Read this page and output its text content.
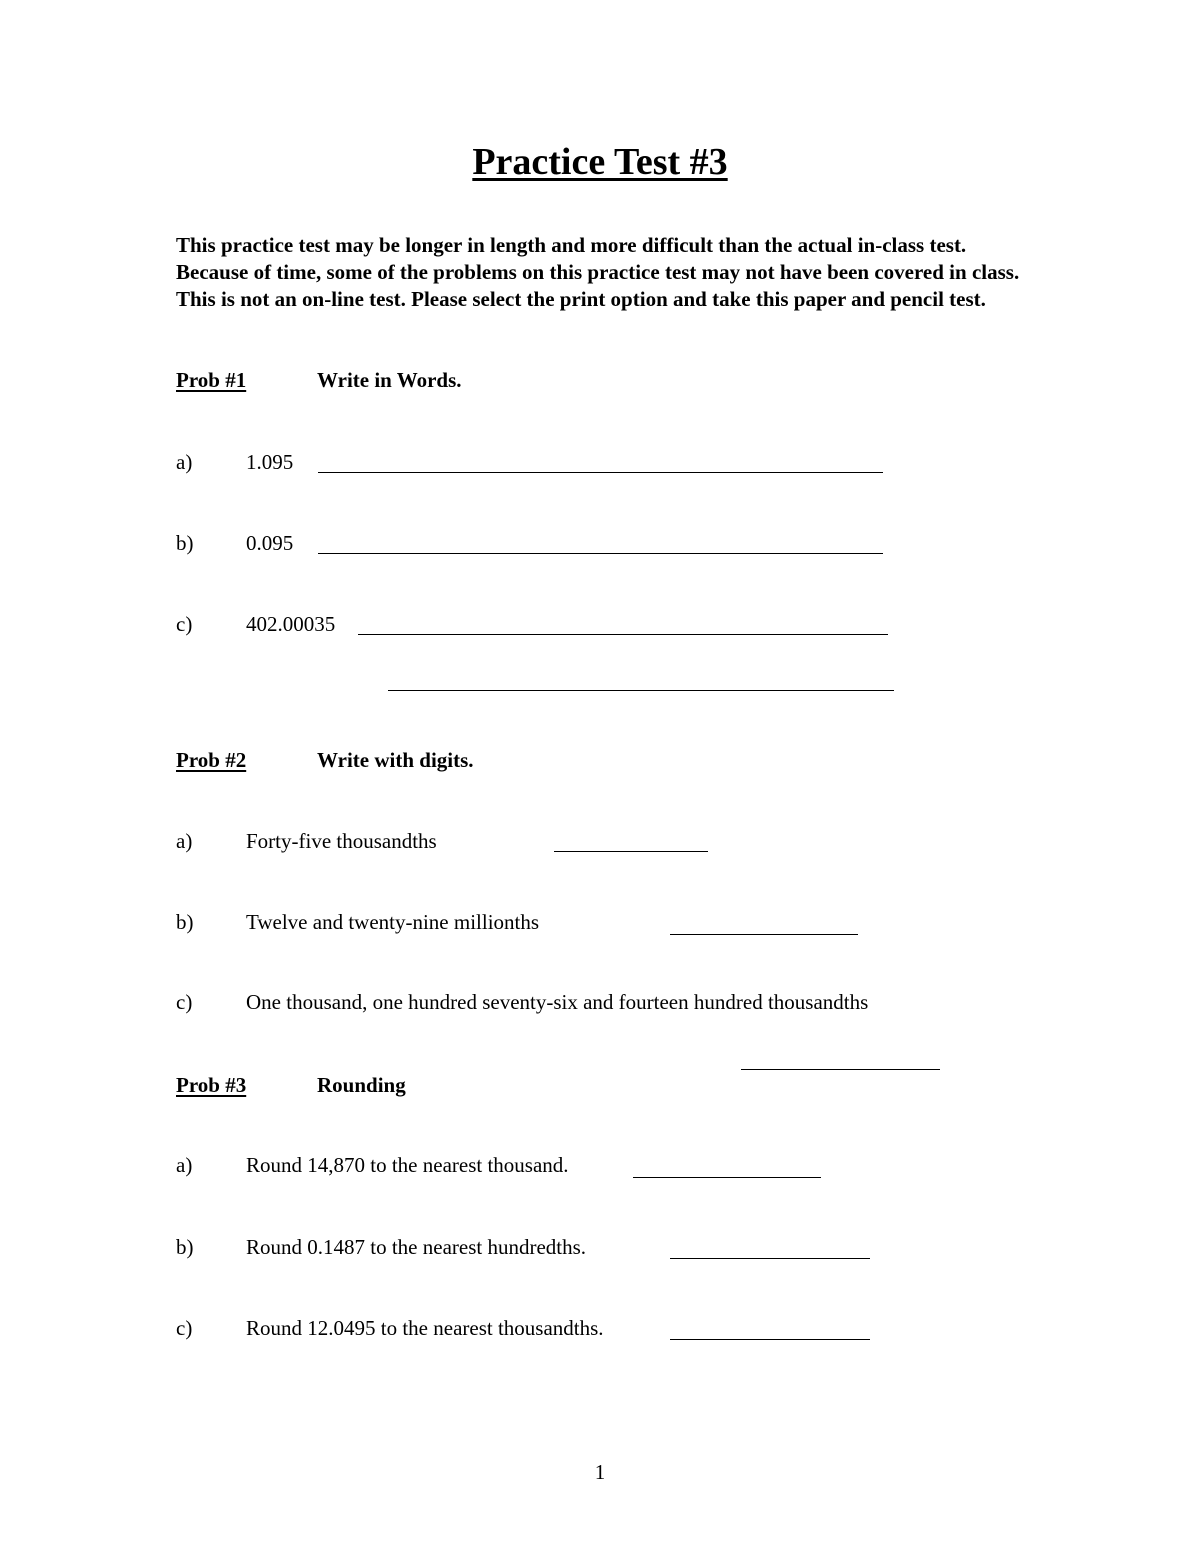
Practice Test #3
This practice test may be longer in length and more difficult than the actual in-class test. Because of time, some of the problems on this practice test may not have been covered in class. This is not an on-line test. Please select the print option and take this paper and pencil test.
Prob #1	Write in Words.
a)	1.095
b)	0.095
c)	402.00035
Prob #2	Write with digits.
a)	Forty-five thousandths
b)	Twelve and twenty-nine millionths
c)	One thousand, one hundred seventy-six and fourteen hundred thousandths
Prob #3	Rounding
a)	Round 14,870 to the nearest thousand.
b)	Round 0.1487 to the nearest hundredths.
c)	Round 12.0495 to the nearest thousandths.
1
